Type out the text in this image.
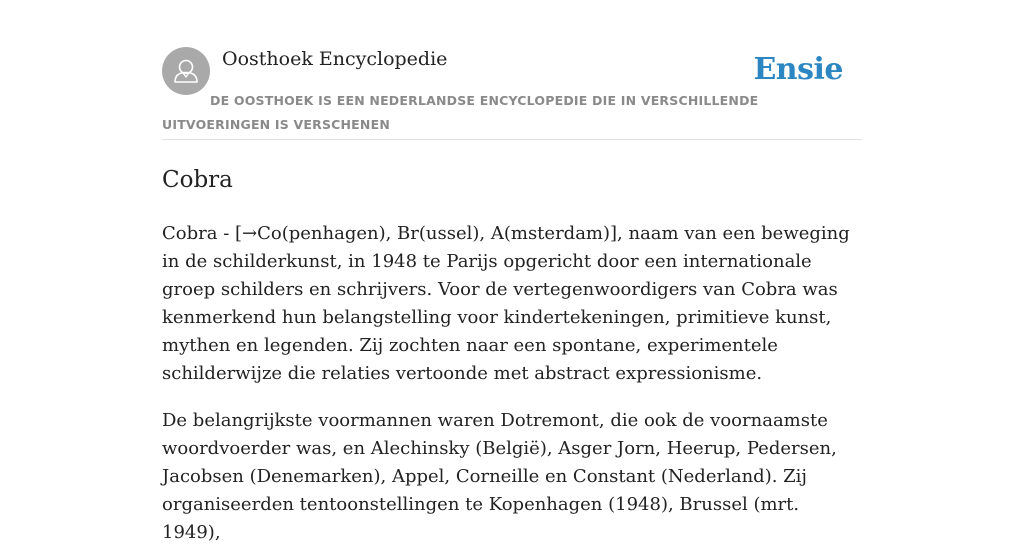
Oosthoek Encyclopedie	Ensie
DE OOSTHOEK IS EEN NEDERLANDSE ENCYCLOPEDIE DIE IN VERSCHILLENDE UITVOERINGEN IS VERSCHENEN
Cobra

Cobra - [→Co(penhagen), Br(ussel), A(msterdam)], naam van een beweging in de schilderkunst, in 1948 te Parijs opgericht door een internationale groep schilders en schrijvers. Voor de vertegenwoordigers van Cobra was kenmerkend hun belangstelling voor kindertekeningen, primitieve kunst, mythen en legenden. Zij zochten naar een spontane, experimentele schilderwijze die relaties vertoonde met abstract expressionisme.

De belangrijkste voormannen waren Dotremont, die ook de voornaamste woordvoerder was, en Alechinsky (België), Asger Jorn, Heerup, Pedersen, Jacobsen (Denemarken), Appel, Corneille en Constant (Nederland). Zij organiseerden tentoonstellingen te Kopenhagen (1948), Brussel (mrt. 1949),
